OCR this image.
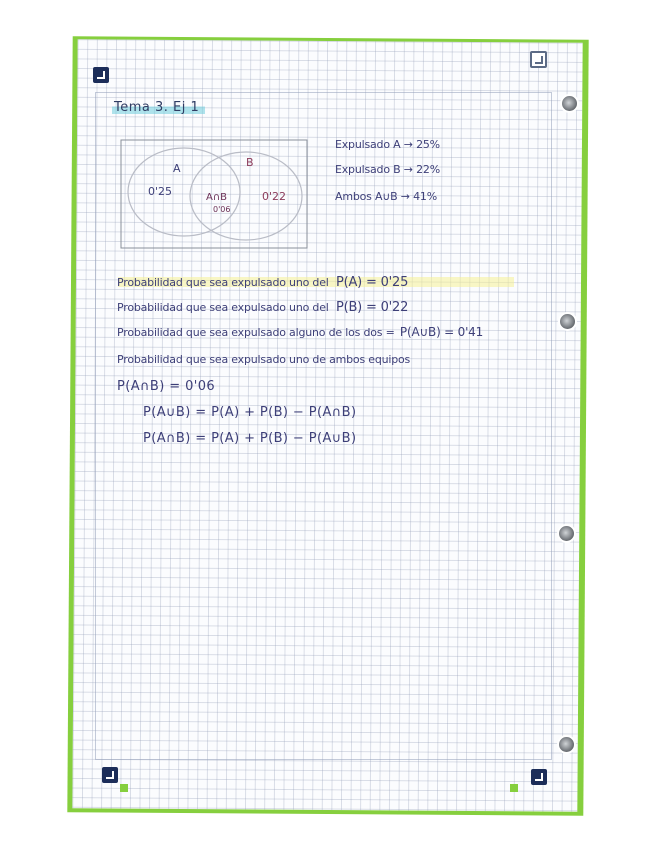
Tema 3. Ej 1
A	B
0'25	0'22
A∩B
0'06
Expulsado A → 25%
Expulsado B → 22%
Ambos A∪B → 41%
Probabilidad que sea expulsado uno del P(A) = 0'25
Probabilidad que sea expulsado uno del P(B) = 0'22
Probabilidad que sea expulsado alguno de los dos = P(A∪B) = 0'41
Probabilidad que sea expulsado uno de ambos equipos
P(A∩B) = 0'06
P(A∪B) = P(A) + P(B) − P(A∩B)
P(A∩B) = P(A) + P(B) − P(A∪B)
